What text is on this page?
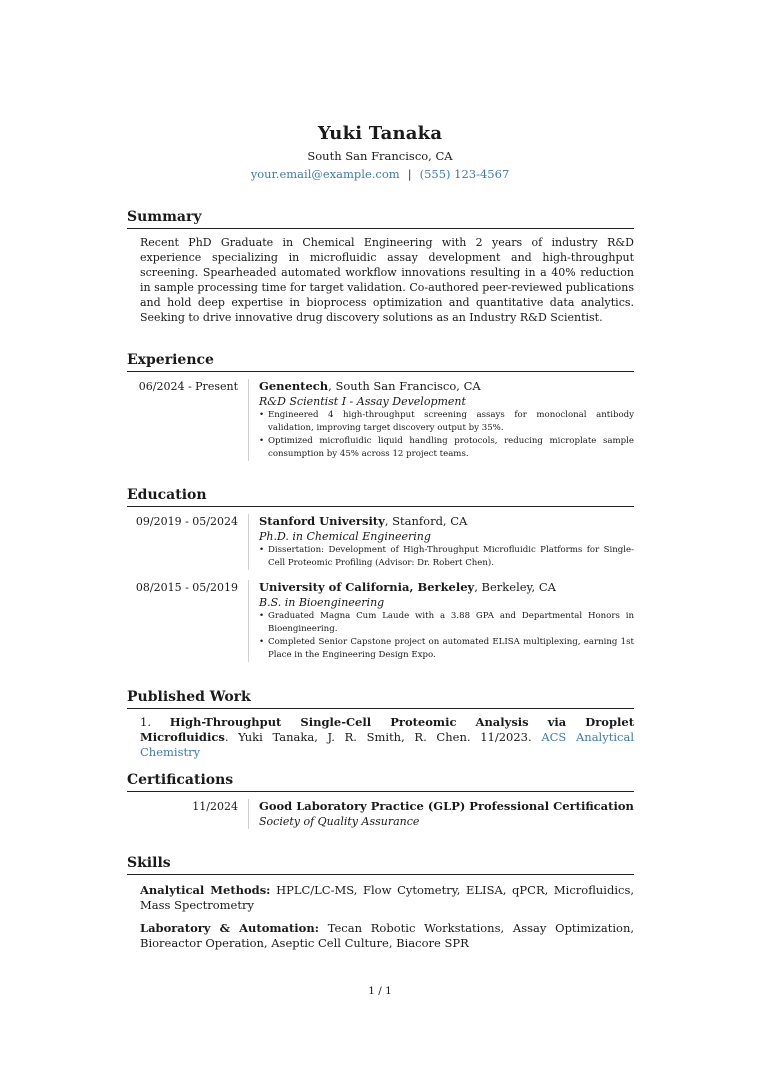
Yuki Tanaka
South San Francisco, CA
your.email@example.com | (555) 123-4567
Summary
Recent PhD Graduate in Chemical Engineering with 2 years of industry R&D experience specializing in microfluidic assay development and high-throughput screening. Spearheaded automated workflow innovations resulting in a 40% reduction in sample processing time for target validation. Co-authored peer-reviewed publications and hold deep expertise in bioprocess optimization and quantitative data analytics. Seeking to drive innovative drug discovery solutions as an Industry R&D Scientist.
Experience
06/2024 - Present	Genentech, South San Francisco, CA
R&D Scientist I - Assay Development
• Engineered 4 high-throughput screening assays for monoclonal antibody validation, improving target discovery output by 35%.
• Optimized microfluidic liquid handling protocols, reducing microplate sample consumption by 45% across 12 project teams.
Education
09/2019 - 05/2024	Stanford University, Stanford, CA
Ph.D. in Chemical Engineering
• Dissertation: Development of High-Throughput Microfluidic Platforms for Single-Cell Proteomic Profiling (Advisor: Dr. Robert Chen).
08/2015 - 05/2019	University of California, Berkeley, Berkeley, CA
B.S. in Bioengineering
• Graduated Magna Cum Laude with a 3.88 GPA and Departmental Honors in Bioengineering.
• Completed Senior Capstone project on automated ELISA multiplexing, earning 1st Place in the Engineering Design Expo.
Published Work
1. High-Throughput Single-Cell Proteomic Analysis via Droplet Microfluidics. Yuki Tanaka, J. R. Smith, R. Chen. 11/2023. ACS Analytical Chemistry
Certifications
11/2024	Good Laboratory Practice (GLP) Professional Certification
Society of Quality Assurance
Skills
Analytical Methods: HPLC/LC-MS, Flow Cytometry, ELISA, qPCR, Microfluidics, Mass Spectrometry
Laboratory & Automation: Tecan Robotic Workstations, Assay Optimization, Bioreactor Operation, Aseptic Cell Culture, Biacore SPR
1 / 1
